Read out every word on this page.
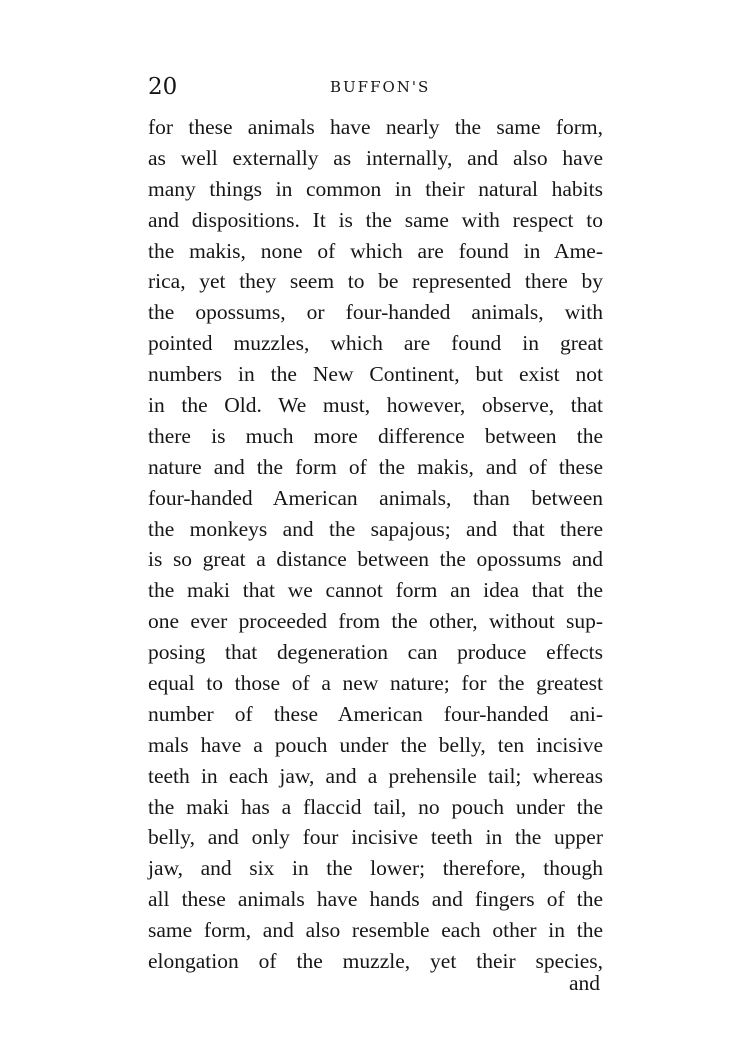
20	BUFFON'S
for these animals have nearly the same form,
as well externally as internally, and also have
many things in common in their natural habits
and dispositions. It is the same with respect to
the makis, none of which are found in Ame-
rica, yet they seem to be represented there by
the opossums, or four-handed animals, with
pointed muzzles, which are found in great
numbers in the New Continent, but exist not
in the Old. We must, however, observe, that
there is much more difference between the
nature and the form of the makis, and of these
four-handed American animals, than between
the monkeys and the sapajous; and that there
is so great a distance between the opossums and
the maki that we cannot form an idea that the
one ever proceeded from the other, without sup-
posing that degeneration can produce effects
equal to those of a new nature; for the greatest
number of these American four-handed ani-
mals have a pouch under the belly, ten incisive
teeth in each jaw, and a prehensile tail; whereas
the maki has a flaccid tail, no pouch under the
belly, and only four incisive teeth in the upper
jaw, and six in the lower; therefore, though
all these animals have hands and fingers of the
same form, and also resemble each other in the
elongation of the muzzle, yet their species,
and
